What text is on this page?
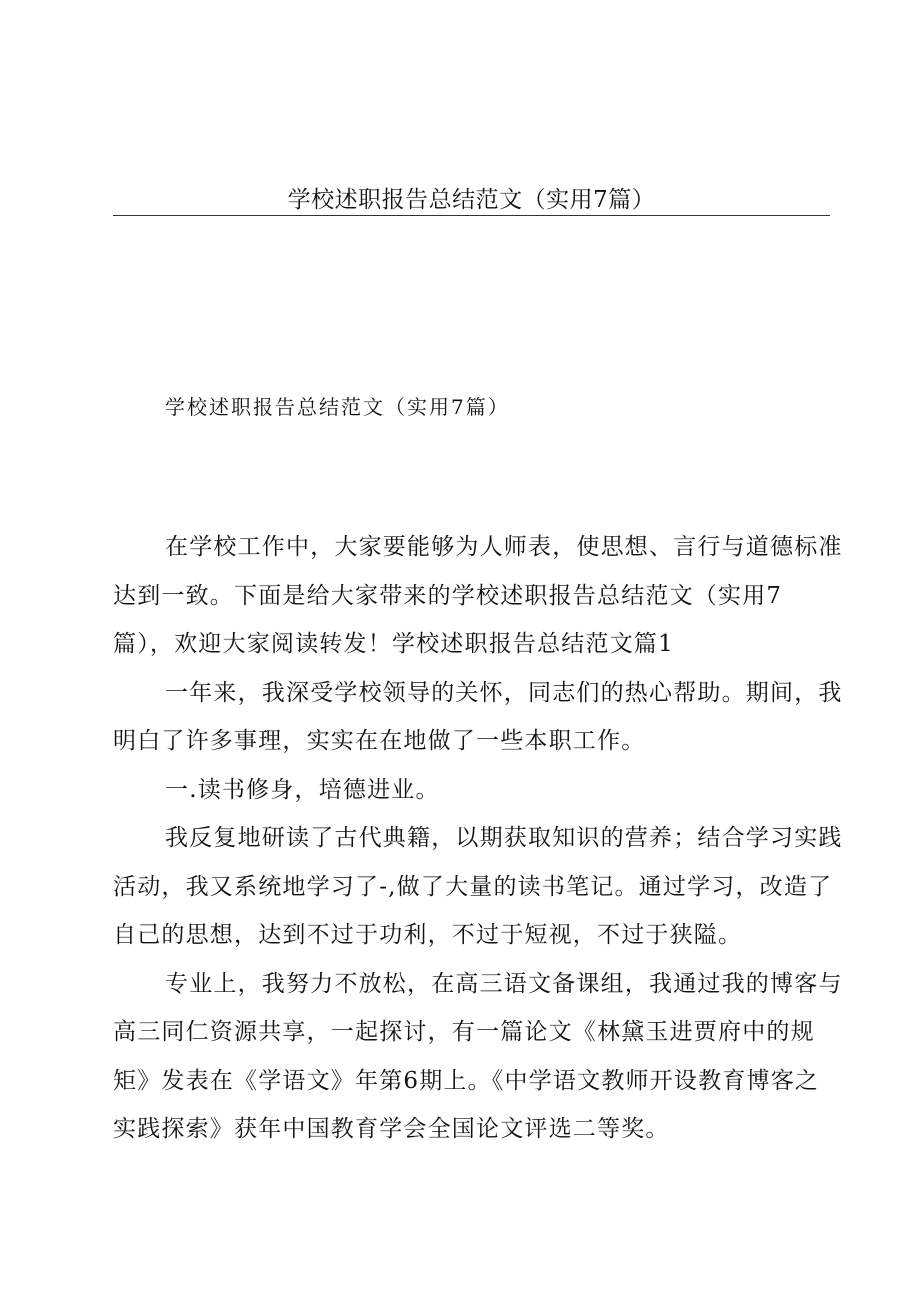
学校述职报告总结范文（实用7篇）
学校述职报告总结范文（实用7篇）
在学校工作中，大家要能够为人师表，使思想、言行与道德标准
达到一致。下面是给大家带来的学校述职报告总结范文（实用7
篇），欢迎大家阅读转发！学校述职报告总结范文篇1
一年来，我深受学校领导的关怀，同志们的热心帮助。期间，我
明白了许多事理，实实在在地做了一些本职工作。
一.读书修身，培德进业。
我反复地研读了古代典籍，以期获取知识的营养；结合学习实践
活动，我又系统地学习了-,做了大量的读书笔记。通过学习，改造了
自己的思想，达到不过于功利，不过于短视，不过于狭隘。
专业上，我努力不放松，在高三语文备课组，我通过我的博客与
高三同仁资源共享，一起探讨，有一篇论文《林黛玉进贾府中的规
矩》发表在《学语文》年第6期上。《中学语文教师开设教育博客之
实践探索》获年中国教育学会全国论文评选二等奖。
